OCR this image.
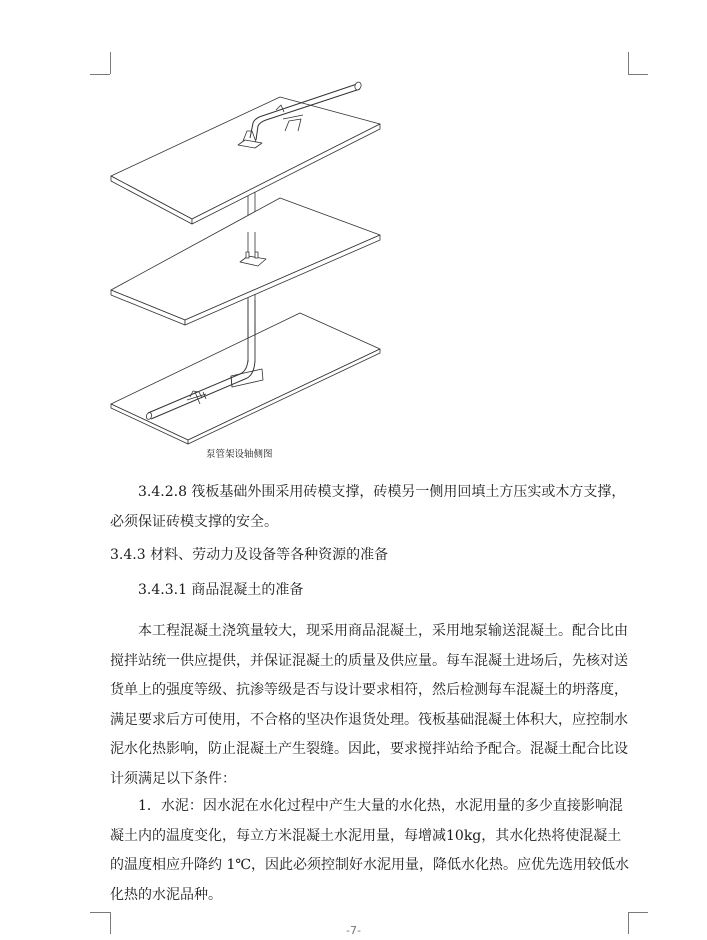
泵管架设轴侧图

3.4.2.8 筏板基础外围采用砖模支撑，砖模另一侧用回填土方压实或木方支撑，必须保证砖模支撑的安全。

3.4.3 材料、劳动力及设备等各种资源的准备
3.4.3.1 商品混凝土的准备

本工程混凝土浇筑量较大，现采用商品混凝土，采用地泵输送混凝土。配合比由搅拌站统一供应提供，并保证混凝土的质量及供应量。每车混凝土进场后，先核对送货单上的强度等级、抗渗等级是否与设计要求相符，然后检测每车混凝土的坍落度，满足要求后方可使用，不合格的坚决作退货处理。筏板基础混凝土体积大，应控制水泥水化热影响，防止混凝土产生裂缝。因此，要求搅拌站给予配合。混凝土配合比设计须满足以下条件：

1．水泥：因水泥在水化过程中产生大量的水化热，水泥用量的多少直接影响混凝土内的温度变化，每立方米混凝土水泥用量，每增减10kg，其水化热将使混凝土的温度相应升降约 1℃，因此必须控制好水泥用量，降低水化热。应优先选用较低水化热的水泥品种。

-7-
